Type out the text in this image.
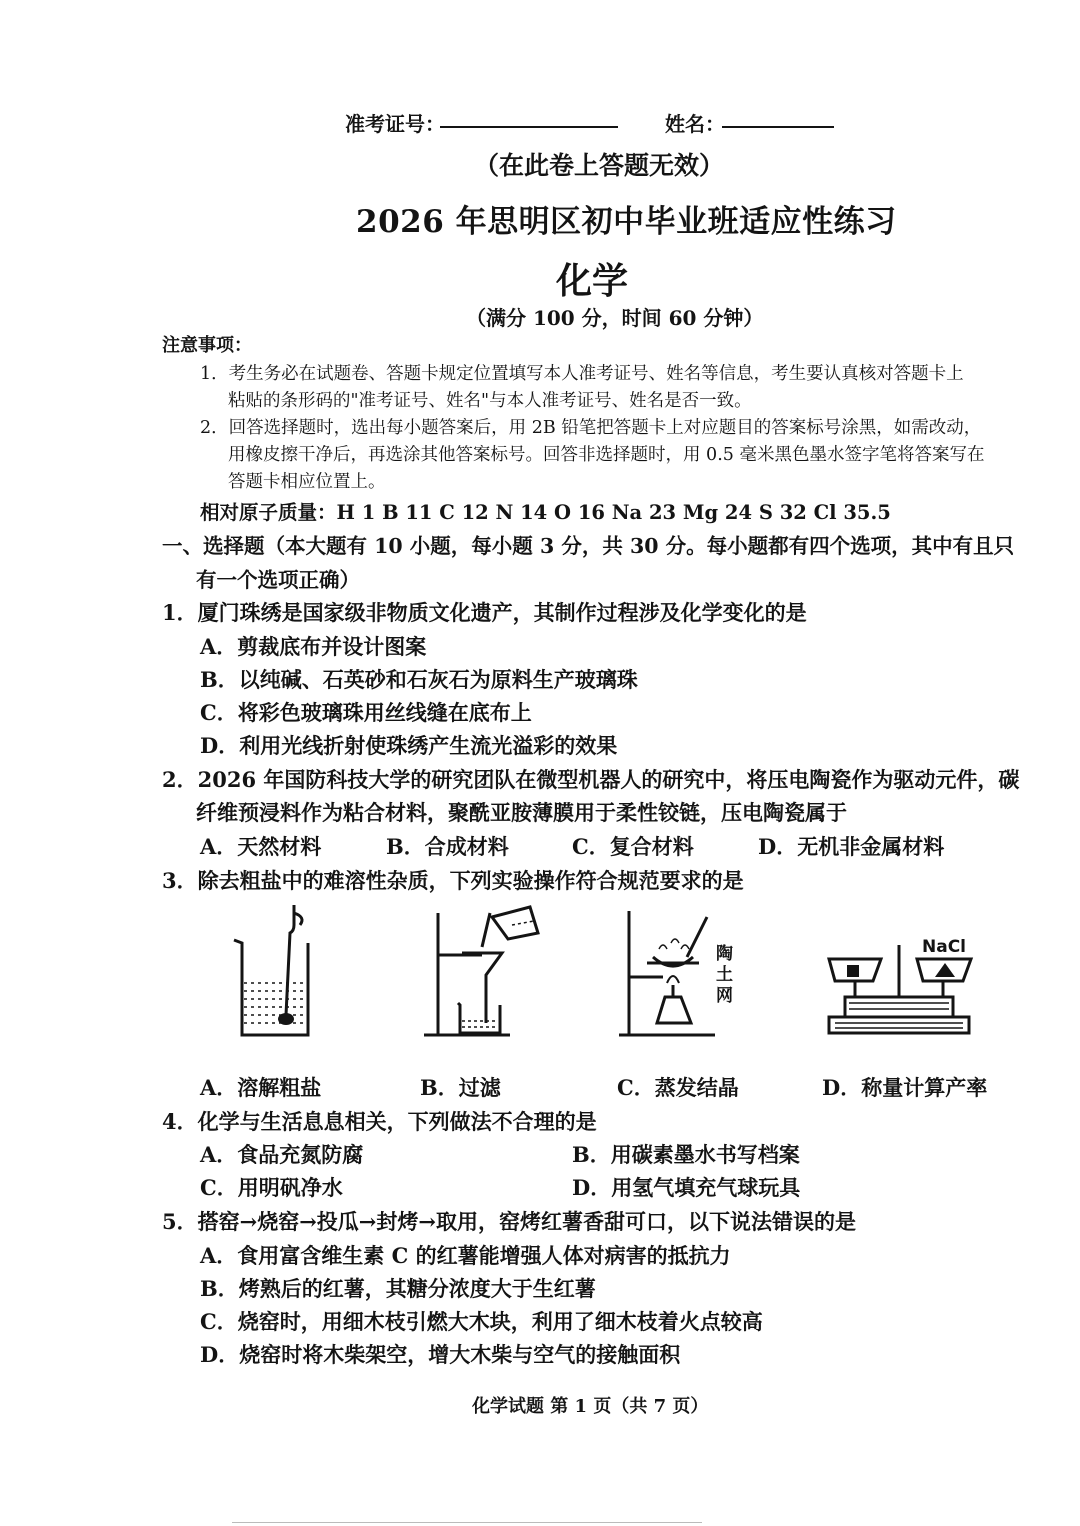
准考证号：	姓名：
（在此卷上答题无效）
2026 年思明区初中毕业班适应性练习
化学
（满分 100 分，时间 60 分钟）
注意事项：
1．考生务必在试题卷、答题卡规定位置填写本人准考证号、姓名等信息，考生要认真核对答题卡上
粘贴的条形码的"准考证号、姓名"与本人准考证号、姓名是否一致。
2．回答选择题时，选出每小题答案后，用 2B 铅笔把答题卡上对应题目的答案标号涂黑，如需改动，
用橡皮擦干净后，再选涂其他答案标号。回答非选择题时，用 0.5 毫米黑色墨水签字笔将答案写在
答题卡相应位置上。
相对原子质量：H 1 B 11 C 12 N 14 O 16 Na 23 Mg 24 S 32 Cl 35.5
一、选择题（本大题有 10 小题，每小题 3 分，共 30 分。每小题都有四个选项，其中有且只
有一个选项正确）
1．厦门珠绣是国家级非物质文化遗产，其制作过程涉及化学变化的是
A．剪裁底布并设计图案
B．以纯碱、石英砂和石灰石为原料生产玻璃珠
C．将彩色玻璃珠用丝线缝在底布上
D．利用光线折射使珠绣产生流光溢彩的效果
2．2026 年国防科技大学的研究团队在微型机器人的研究中，将压电陶瓷作为驱动元件，碳
纤维预浸料作为粘合材料，聚酰亚胺薄膜用于柔性铰链，压电陶瓷属于
A．天然材料	B．合成材料	C．复合材料	D．无机非金属材料
3．除去粗盐中的难溶性杂质，下列实验操作符合规范要求的是
陶
土
网
NaCl
A．溶解粗盐	B．过滤	C．蒸发结晶	D．称量计算产率
4．化学与生活息息相关，下列做法不合理的是
A．食品充氮防腐	B．用碳素墨水书写档案
C．用明矾净水	D．用氢气填充气球玩具
5．搭窑→烧窑→投瓜→封烤→取用，窑烤红薯香甜可口，以下说法错误的是
A．食用富含维生素 C 的红薯能增强人体对病害的抵抗力
B．烤熟后的红薯，其糖分浓度大于生红薯
C．烧窑时，用细木枝引燃大木块，利用了细木枝着火点较高
D．烧窑时将木柴架空，增大木柴与空气的接触面积
化学试题 第 1 页（共 7 页）
